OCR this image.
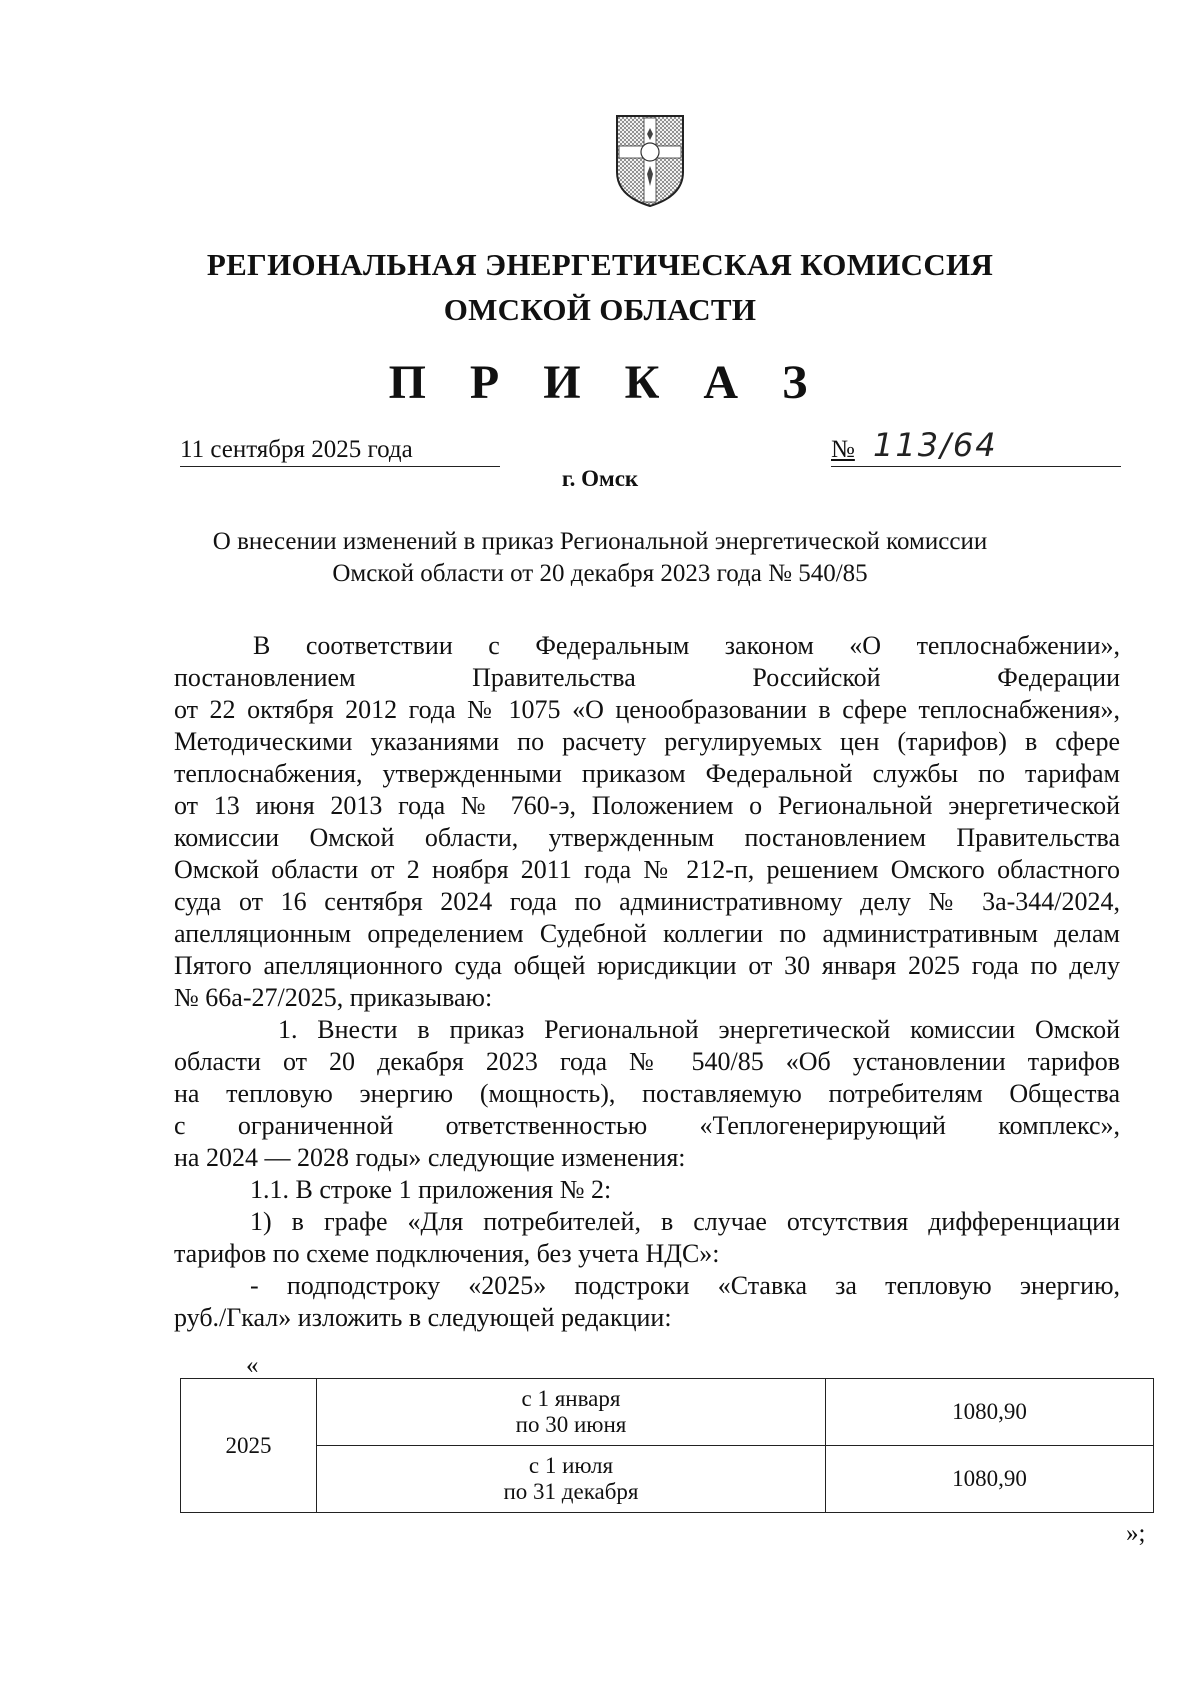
РЕГИОНАЛЬНАЯ ЭНЕРГЕТИЧЕСКАЯ КОМИССИЯ
ОМСКОЙ ОБЛАСТИ
П Р И К А З
11 сентября 2025 года	№ 113/64
г. Омск
О внесении изменений в приказ Региональной энергетической комиссии
Омской области от 20 декабря 2023 года № 540/85
В соответствии с Федеральным законом «О теплоснабжении»,
постановлением Правительства Российской Федерации
от 22 октября 2012 года № 1075 «О ценообразовании в сфере теплоснабжения»,
Методическими указаниями по расчету регулируемых цен (тарифов) в сфере
теплоснабжения, утвержденными приказом Федеральной службы по тарифам
от 13 июня 2013 года № 760-э, Положением о Региональной энергетической
комиссии Омской области, утвержденным постановлением Правительства
Омской области от 2 ноября 2011 года № 212-п, решением Омского областного
суда от 16 сентября 2024 года по административному делу № 3а-344/2024,
апелляционным определением Судебной коллегии по административным делам
Пятого апелляционного суда общей юрисдикции от 30 января 2025 года по делу
№ 66а-27/2025, приказываю:
1. Внести в приказ Региональной энергетической комиссии Омской
области от 20 декабря 2023 года № 540/85 «Об установлении тарифов
на тепловую энергию (мощность), поставляемую потребителям Общества
с ограниченной ответственностью «Теплогенерирующий комплекс»,
на 2024 — 2028 годы» следующие изменения:
1.1. В строке 1 приложения № 2:
1) в графе «Для потребителей, в случае отсутствия дифференциации
тарифов по схеме подключения, без учета НДС»:
- подподстроку «2025» подстроки «Ставка за тепловую энергию,
руб./Гкал» изложить в следующей редакции:
«
2025	с 1 января
по 30 июня	1080,90

	с 1 июля
по 31 декабря	1080,90
»;
